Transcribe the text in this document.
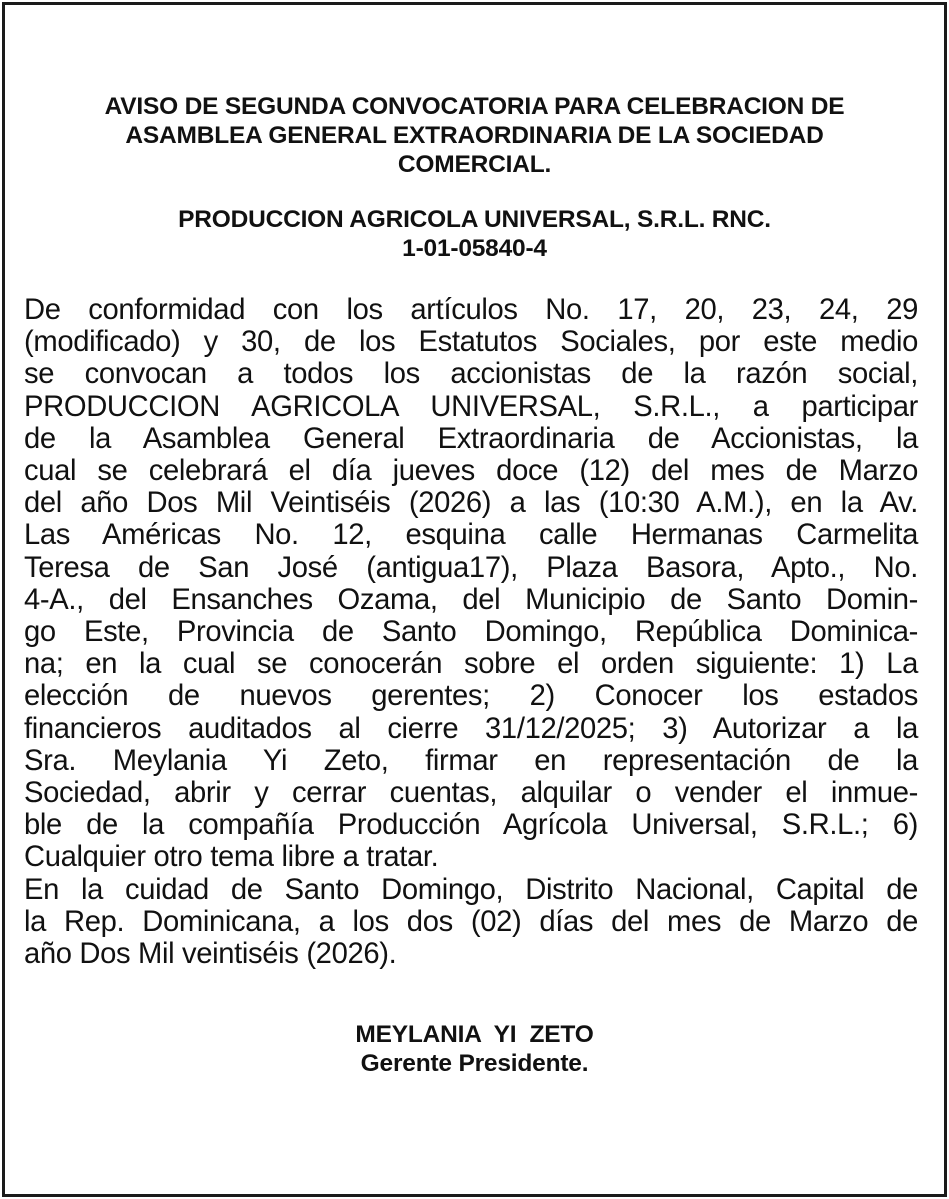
AVISO DE SEGUNDA CONVOCATORIA PARA CELEBRACION DE
ASAMBLEA GENERAL EXTRAORDINARIA DE LA SOCIEDAD
COMERCIAL.
PRODUCCION AGRICOLA UNIVERSAL, S.R.L. RNC.
1-01-05840-4
De conformidad con los artículos No. 17, 20, 23, 24, 29
(modificado) y 30, de los Estatutos Sociales, por este medio
se convocan a todos los accionistas de la razón social,
PRODUCCION AGRICOLA UNIVERSAL, S.R.L., a participar
de la Asamblea General Extraordinaria de Accionistas, la
cual se celebrará el día jueves doce (12) del mes de Marzo
del año Dos Mil Veintiséis (2026) a las (10:30 A.M.), en la Av.
Las Américas No. 12, esquina calle Hermanas Carmelita
Teresa de San José (antigua17), Plaza Basora, Apto., No.
4-A., del Ensanches Ozama, del Municipio de Santo Domin-
go Este, Provincia de Santo Domingo, República Dominica-
na; en la cual se conocerán sobre el orden siguiente: 1) La
elección de nuevos gerentes; 2) Conocer los estados
financieros auditados al cierre 31/12/2025; 3) Autorizar a la
Sra. Meylania Yi Zeto, firmar en representación de la
Sociedad, abrir y cerrar cuentas, alquilar o vender el inmue-
ble de la compañía Producción Agrícola Universal, S.R.L.; 6)
Cualquier otro tema libre a tratar.
En la cuidad de Santo Domingo, Distrito Nacional, Capital de
la Rep. Dominicana, a los dos (02) días del mes de Marzo de
año Dos Mil veintiséis (2026).
MEYLANIA  YI  ZETO
Gerente Presidente.
